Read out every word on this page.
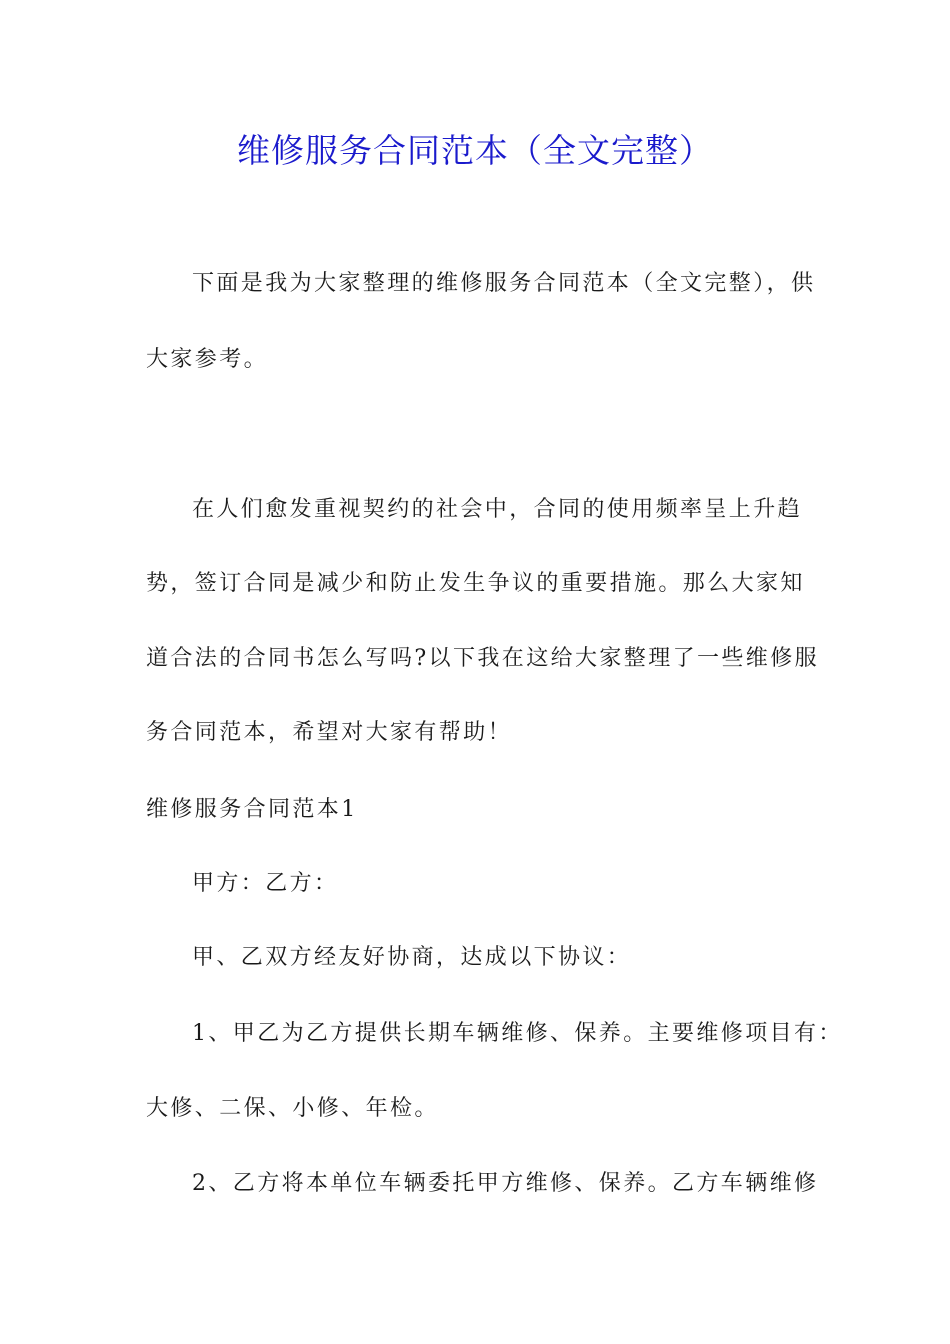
维修服务合同范本（全文完整）
下面是我为大家整理的维修服务合同范本（全文完整），供
大家参考。
在人们愈发重视契约的社会中，合同的使用频率呈上升趋
势，签订合同是减少和防止发生争议的重要措施。那么大家知
道合法的合同书怎么写吗?以下我在这给大家整理了一些维修服
务合同范本，希望对大家有帮助！
维修服务合同范本1
甲方：乙方：
甲、乙双方经友好协商，达成以下协议：
1、甲乙为乙方提供长期车辆维修、保养。主要维修项目有：
大修、二保、小修、年检。
2、乙方将本单位车辆委托甲方维修、保养。乙方车辆维修
